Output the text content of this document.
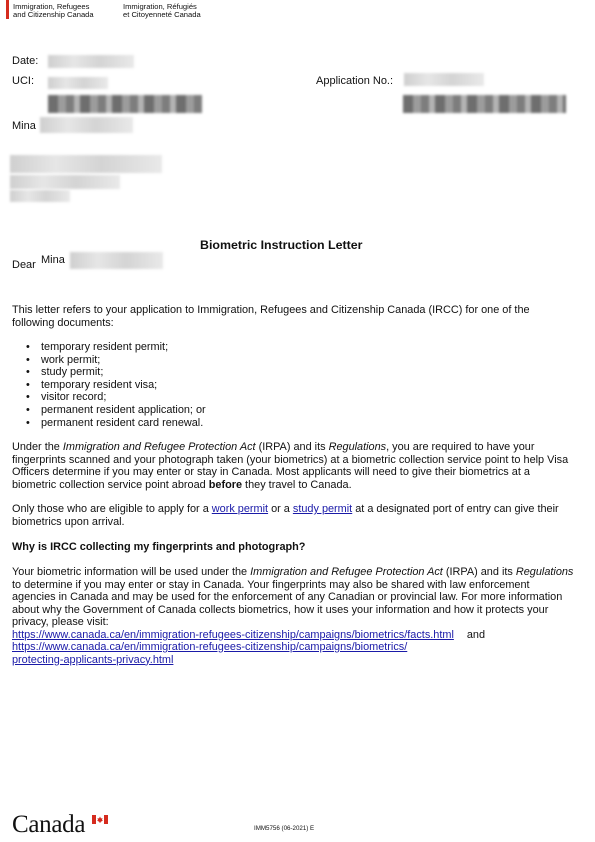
Immigration, Refugees
and Citizenship Canada
Immigration, Réfugiés
et Citoyenneté Canada
Date:
UCI:	Application No.:
Mina
Biometric Instruction Letter
Dear Mina
This letter refers to your application to Immigration, Refugees and Citizenship Canada (IRCC) for one of the following documents:
• temporary resident permit;
• work permit;
• study permit;
• temporary resident visa;
• visitor record;
• permanent resident application; or
• permanent resident card renewal.
Under the Immigration and Refugee Protection Act (IRPA) and its Regulations, you are required to have your fingerprints scanned and your photograph taken (your biometrics) at a biometric collection service point to help Visa Officers determine if you may enter or stay in Canada. Most applicants will need to give their biometrics at a biometric collection service point abroad before they travel to Canada.
Only those who are eligible to apply for a work permit or a study permit at a designated port of entry can give their biometrics upon arrival.
Why is IRCC collecting my fingerprints and photograph?
Your biometric information will be used under the Immigration and Refugee Protection Act (IRPA) and its Regulations to determine if you may enter or stay in Canada. Your fingerprints may also be shared with law enforcement agencies in Canada and may be used for the enforcement of any Canadian or provincial law. For more information about why the Government of Canada collects biometrics, how it uses your information and how it protects your privacy, please visit:
https://www.canada.ca/en/immigration-refugees-citizenship/campaigns/biometrics/facts.html and
https://www.canada.ca/en/immigration-refugees-citizenship/campaigns/biometrics/
protecting-applicants-privacy.html
Canada	IMM5756 (06-2021) E
